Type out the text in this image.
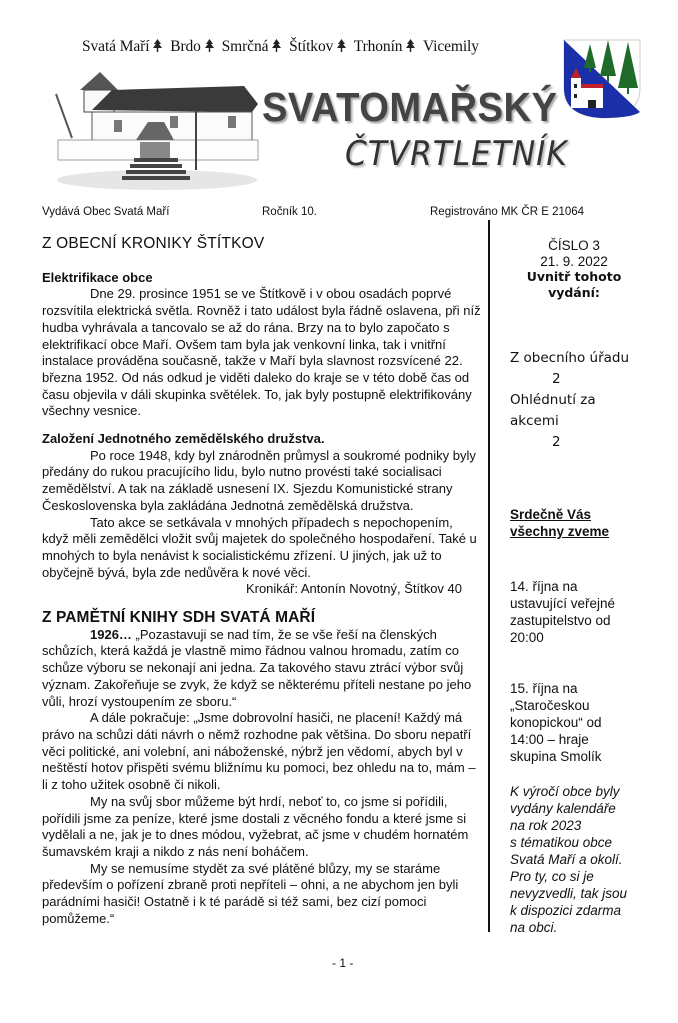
Svatá Maří Brdo Smrčná Štítkov Trhonín Vicemily
SVATOMAŘSKÝ
ČTVRTLETNÍK
Vydává Obec Svatá Maří	Ročník 10.	Registrováno MK ČR E 21064
Z OBECNÍ KRONIKY ŠTÍTKOV
Elektrifikace obce

Dne 29. prosince 1951 se ve Štítkově i v obou osadách poprvé rozsvítila elektrická světla. Rovněž i tato událost byla řádně oslavena, při níž hudba vyhrávala a tancovalo se až do rána. Brzy na to bylo započato s elektrifikací obce Maří. Ovšem tam byla jak venkovní linka, tak i vnitřní instalace prováděna současně, takže v Maří byla slavnost rozsvícené 22. března 1952. Od nás odkud je viděti daleko do kraje se v této době čas od času objevila v dáli skupinka světélek. To, jak byly postupně elektrifikovány všechny vesnice.

Založení Jednotného zemědělského družstva.

Po roce 1948, kdy byl znárodněn průmysl a soukromé podniky byly předány do rukou pracujícího lidu, bylo nutno provésti také socialisaci zemědělství. A tak na základě usnesení IX. Sjezdu Komunistické strany Československa byla zakládána Jednotná zemědělská družstva.

Tato akce se setkávala v mnohých případech s nepochopením, když měli zemědělci vložit svůj majetek do společného hospodaření. Také u mnohých to byla nenávist k socialistickému zřízení. U jiných, jak už to obyčejně bývá, byla zde nedůvěra k nové věci.

Kronikář: Antonín Novotný, Štítkov 40

Z PAMĚTNÍ KNIHY SDH SVATÁ MAŘÍ

1926… „Pozastavuji se nad tím, že se vše řeší na členských schůzích, která každá je vlastně mimo řádnou valnou hromadu, zatím co schůze výboru se nekonají ani jedna. Za takového stavu ztrácí výbor svůj význam. Zakořeňuje se zvyk, že když se některému příteli nestane po jeho vůli, hrozí vystoupením ze sboru.“

A dále pokračuje: „Jsme dobrovolní hasiči, ne placení! Každý má právo na schůzi dáti návrh o němž rozhodne pak většina. Do sboru nepatří věci politické, ani volební, ani náboženské, nýbrž jen vědomí, abych byl v neštěstí hotov přispěti svému bližnímu ku pomoci, bez ohledu na to, mám – li z toho užitek osobně či nikoli.

My na svůj sbor můžeme být hrdí, neboť to, co jsme si pořídili, pořídili jsme za peníze, které jsme dostali z věcného fondu a které jsme si vydělali a ne, jak je to dnes módou, vyžebrat, ač jsme v chudém hornatém šumavském kraji a nikdo z nás není boháčem.

My se nemusíme stydět za své plátěné blůzy, my se staráme především o pořízení zbraně proti nepříteli – ohni, a ne abychom jen byli parádními hasiči! Ostatně i k té parádě si též sami, bez cizí pomoci pomůžeme.“

ČÍSLO 3
21. 9. 2022
Uvnitř tohoto
vydání:
Z obecního úřadu
2
Ohlédnutí za
akcemi
2
Srdečně Vás
všechny zveme
14. října na
ustavující veřejné
zastupitelstvo od
20:00
15. října na
„Staročeskou
konopickou“ od
14:00 – hraje
skupina Smolík
K výročí obce byly
vydány kalendáře
na rok 2023
s tématikou obce
Svatá Maří a okolí.
Pro ty, co si je
nevyzvedli, tak jsou
k dispozici zdarma
na obci.
- 1 -
